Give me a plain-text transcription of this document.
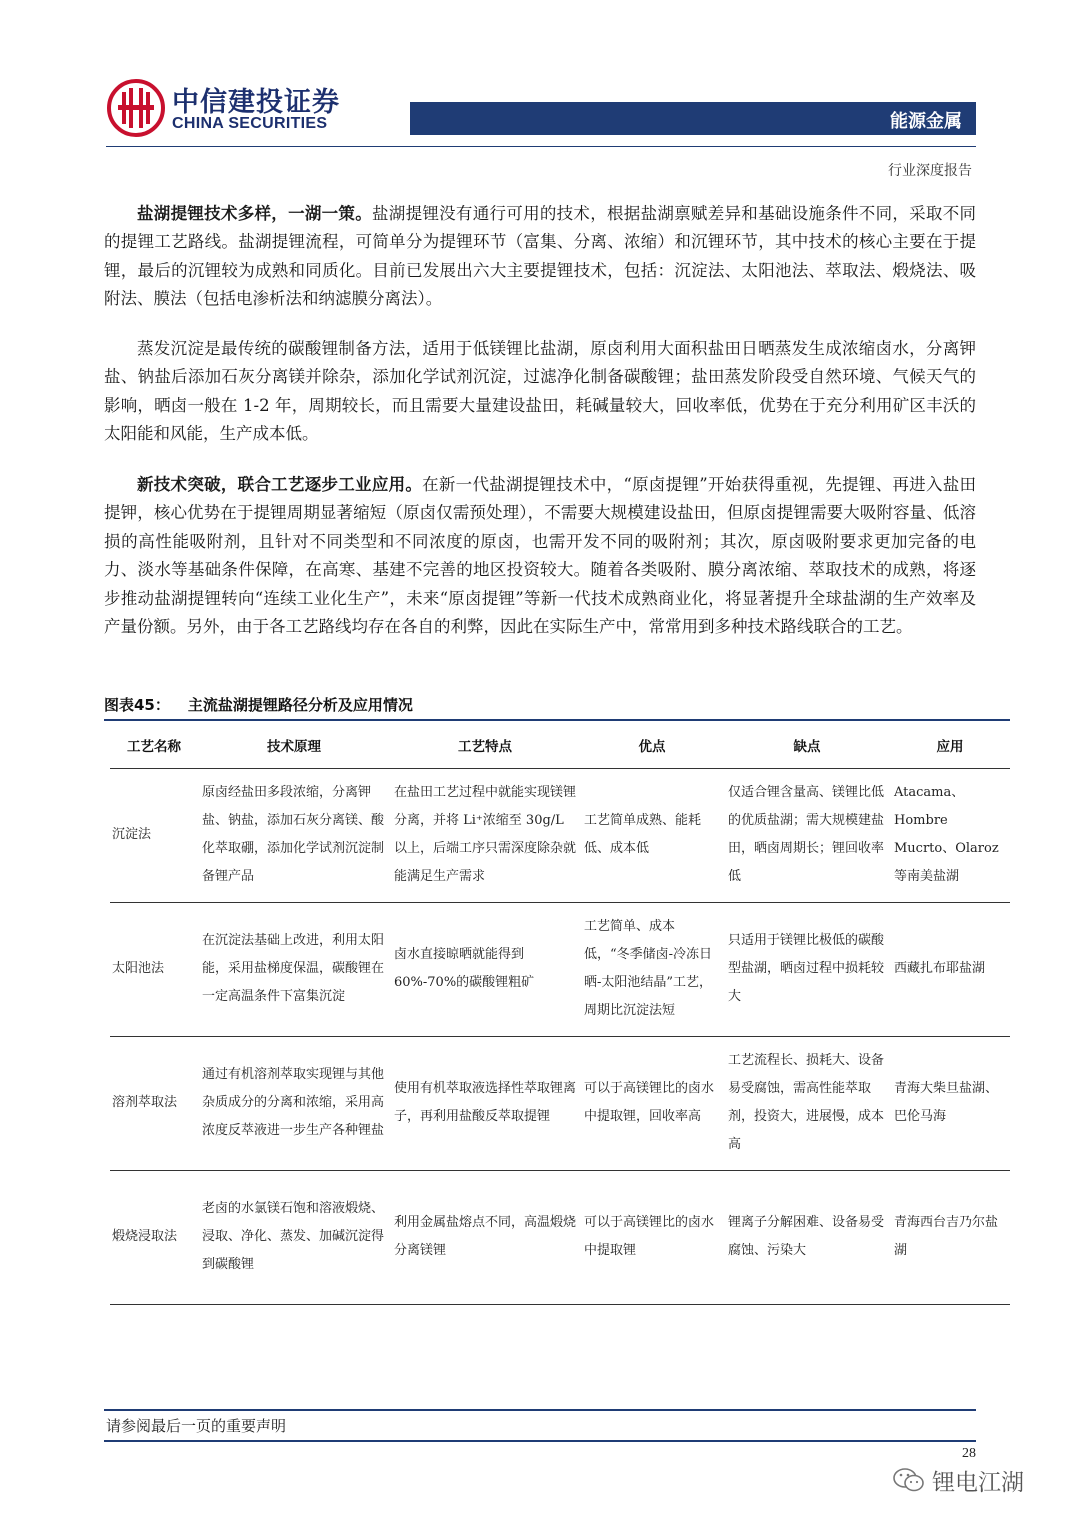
中信建投证券
CHINA SECURITIES	能源金属
行业深度报告

盐湖提锂技术多样，一湖一策。盐湖提锂没有通行可用的技术，根据盐湖禀赋差异和基础设施条件不同，采取不同的提锂工艺路线。盐湖提锂流程，可简单分为提锂环节（富集、分离、浓缩）和沉锂环节，其中技术的核心主要在于提锂，最后的沉锂较为成熟和同质化。目前已发展出六大主要提锂技术，包括：沉淀法、太阳池法、萃取法、煅烧法、吸附法、膜法（包括电渗析法和纳滤膜分离法）。

蒸发沉淀是最传统的碳酸锂制备方法，适用于低镁锂比盐湖，原卤利用大面积盐田日晒蒸发生成浓缩卤水，分离钾盐、钠盐后添加石灰分离镁并除杂，添加化学试剂沉淀，过滤净化制备碳酸锂；盐田蒸发阶段受自然环境、气候天气的影响，晒卤一般在 1-2 年，周期较长，而且需要大量建设盐田，耗碱量较大，回收率低，优势在于充分利用矿区丰沃的太阳能和风能，生产成本低。

新技术突破，联合工艺逐步工业应用。在新一代盐湖提锂技术中，“原卤提锂”开始获得重视，先提锂、再进入盐田提钾，核心优势在于提锂周期显著缩短（原卤仅需预处理），不需要大规模建设盐田，但原卤提锂需要大吸附容量、低溶损的高性能吸附剂，且针对不同类型和不同浓度的原卤，也需开发不同的吸附剂；其次，原卤吸附要求更加完备的电力、淡水等基础条件保障，在高寒、基建不完善的地区投资较大。随着各类吸附、膜分离浓缩、萃取技术的成熟，将逐步推动盐湖提锂转向“连续工业化生产”，未来“原卤提锂”等新一代技术成熟商业化，将显著提升全球盐湖的生产效率及产量份额。另外，由于各工艺路线均存在各自的利弊，因此在实际生产中，常常用到多种技术路线联合的工艺。

图表45： 主流盐湖提锂路径分析及应用情况
工艺名称	技术原理	工艺特点	优点	缺点	应用
沉淀法	原卤经盐田多段浓缩，分离钾盐、钠盐，添加石灰分离镁、酸化萃取硼，添加化学试剂沉淀制备锂产品	在盐田工艺过程中就能实现镁锂分离，并将 Li⁺浓缩至 30g/L 以上，后端工序只需深度除杂就能满足生产需求	工艺简单成熟、能耗低、成本低	仅适合锂含量高、镁锂比低的优质盐湖；需大规模建盐田，晒卤周期长；锂回收率低	Atacama、Hombre Mucrto、Olaroz 等南美盐湖
太阳池法	在沉淀法基础上改进，利用太阳能，采用盐梯度保温，碳酸锂在一定高温条件下富集沉淀	卤水直接晾晒就能得到 60%-70%的碳酸锂粗矿	工艺简单、成本低，“冬季储卤-冷冻日晒-太阳池结晶”工艺，周期比沉淀法短	只适用于镁锂比极低的碳酸型盐湖，晒卤过程中损耗较大	西藏扎布耶盐湖
溶剂萃取法	通过有机溶剂萃取实现锂与其他杂质成分的分离和浓缩，采用高浓度反萃液进一步生产各种锂盐	使用有机萃取液选择性萃取锂离子，再利用盐酸反萃取提锂	可以于高镁锂比的卤水中提取锂，回收率高	工艺流程长、损耗大、设备易受腐蚀，需高性能萃取剂，投资大，进展慢，成本高	青海大柴旦盐湖、巴伦马海
煅烧浸取法	老卤的水氯镁石饱和溶液煅烧、浸取、净化、蒸发、加碱沉淀得到碳酸锂	利用金属盐熔点不同，高温煅烧分离镁锂	可以于高镁锂比的卤水中提取锂	锂离子分解困难、设备易受腐蚀、污染大	青海西台吉乃尔盐湖
请参阅最后一页的重要声明
28
锂电江湖
